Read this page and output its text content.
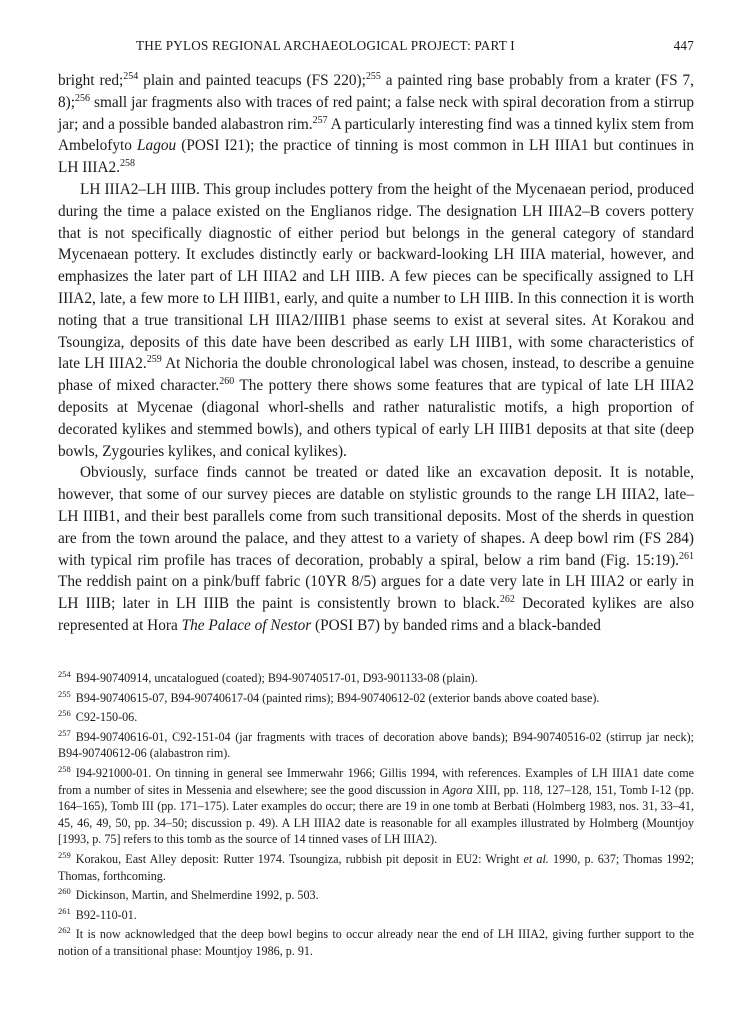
THE PYLOS REGIONAL ARCHAEOLOGICAL PROJECT: PART I	447

bright red;$^{254}$ plain and painted teacups (FS 220);$^{255}$ a painted ring base probably from a krater (FS 7, 8);$^{256}$ small jar fragments also with traces of red paint; a false neck with spiral decoration from a stirrup jar; and a possible banded alabastron rim.$^{257}$ A particularly interesting find was a tinned kylix stem from Ambelofyto Lagou (POSI I21); the practice of tinning is most common in LH IIIA1 but continues in LH IIIA2.$^{258}$

LH IIIA2–LH IIIB. This group includes pottery from the height of the Mycenaean period, produced during the time a palace existed on the Englianos ridge. The designation LH IIIA2–B covers pottery that is not specifically diagnostic of either period but belongs in the general category of standard Mycenaean pottery. It excludes distinctly early or backward-looking LH IIIA material, however, and emphasizes the later part of LH IIIA2 and LH IIIB. A few pieces can be specifically assigned to LH IIIA2, late, a few more to LH IIIB1, early, and quite a number to LH IIIB. In this connection it is worth noting that a true transitional LH IIIA2/IIIB1 phase seems to exist at several sites. At Korakou and Tsoungiza, deposits of this date have been described as early LH IIIB1, with some characteristics of late LH IIIA2.$^{259}$ At Nichoria the double chronological label was chosen, instead, to describe a genuine phase of mixed character.$^{260}$ The pottery there shows some features that are typical of late LH IIIA2 deposits at Mycenae (diagonal whorl-shells and rather naturalistic motifs, a high proportion of decorated kylikes and stemmed bowls), and others typical of early LH IIIB1 deposits at that site (deep bowls, Zygouries kylikes, and conical kylikes).

Obviously, surface finds cannot be treated or dated like an excavation deposit. It is notable, however, that some of our survey pieces are datable on stylistic grounds to the range LH IIIA2, late–LH IIIB1, and their best parallels come from such transitional deposits. Most of the sherds in question are from the town around the palace, and they attest to a variety of shapes. A deep bowl rim (FS 284) with typical rim profile has traces of decoration, probably a spiral, below a rim band (Fig. 15:19).$^{261}$ The reddish paint on a pink/buff fabric (10YR 8/5) argues for a date very late in LH IIIA2 or early in LH IIIB; later in LH IIIB the paint is consistently brown to black.$^{262}$ Decorated kylikes are also represented at Hora The Palace of Nestor (POSI B7) by banded rims and a black-banded

$^{254}$ B94-90740914, uncatalogued (coated); B94-90740517-01, D93-901133-08 (plain).
$^{255}$ B94-90740615-07, B94-90740617-04 (painted rims); B94-90740612-02 (exterior bands above coated base).
$^{256}$ C92-150-06.
$^{257}$ B94-90740616-01, C92-151-04 (jar fragments with traces of decoration above bands); B94-90740516-02 (stirrup jar neck); B94-90740612-06 (alabastron rim).
$^{258}$ I94-921000-01. On tinning in general see Immerwahr 1966; Gillis 1994, with references. Examples of LH IIIA1 date come from a number of sites in Messenia and elsewhere; see the good discussion in Agora XIII, pp. 118, 127–128, 151, Tomb I-12 (pp. 164–165), Tomb III (pp. 171–175). Later examples do occur; there are 19 in one tomb at Berbati (Holmberg 1983, nos. 31, 33–41, 45, 46, 49, 50, pp. 34–50; discussion p. 49). A LH IIIA2 date is reasonable for all examples illustrated by Holmberg (Mountjoy [1993, p. 75] refers to this tomb as the source of 14 tinned vases of LH IIIA2).
$^{259}$ Korakou, East Alley deposit: Rutter 1974. Tsoungiza, rubbish pit deposit in EU2: Wright et al. 1990, p. 637; Thomas 1992; Thomas, forthcoming.
$^{260}$ Dickinson, Martin, and Shelmerdine 1992, p. 503.
$^{261}$ B92-110-01.
$^{262}$ It is now acknowledged that the deep bowl begins to occur already near the end of LH IIIA2, giving further support to the notion of a transitional phase: Mountjoy 1986, p. 91.
